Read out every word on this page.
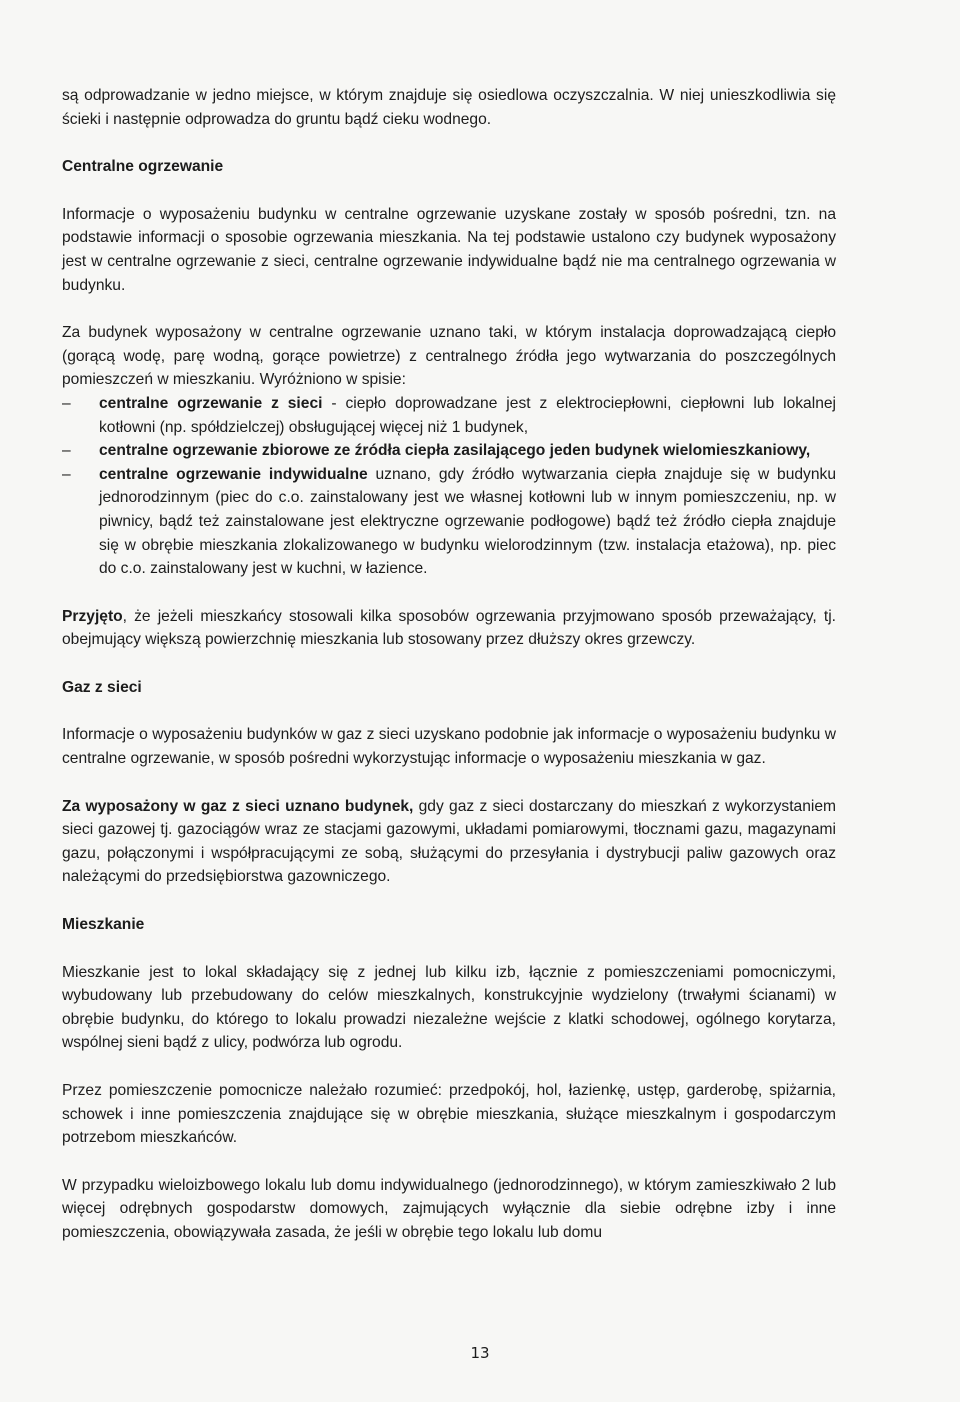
są odprowadzanie w jedno miejsce, w którym znajduje się osiedlowa oczyszczalnia. W niej unieszkodliwia się ścieki i następnie odprowadza do gruntu bądź cieku wodnego.

Centralne ogrzewanie

Informacje o wyposażeniu budynku w centralne ogrzewanie uzyskane zostały w sposób pośredni, tzn. na podstawie informacji o sposobie ogrzewania mieszkania. Na tej podstawie ustalono czy budynek wyposażony jest w centralne ogrzewanie z sieci, centralne ogrzewanie indywidualne bądź nie ma centralnego ogrzewania w budynku.

Za budynek wyposażony w centralne ogrzewanie uznano taki, w którym instalacja doprowadzającą ciepło (gorącą wodę, parę wodną, gorące powietrze) z centralnego źródła jego wytwarzania do poszczególnych pomieszczeń w mieszkaniu. Wyróżniono w spisie:

– centralne ogrzewanie z sieci - ciepło doprowadzane jest z elektrociepłowni, ciepłowni lub lokalnej kotłowni (np. spółdzielczej) obsługującej więcej niż 1 budynek,
– centralne ogrzewanie zbiorowe ze źródła ciepła zasilającego jeden budynek wielomieszkaniowy,
– centralne ogrzewanie indywidualne uznano, gdy źródło wytwarzania ciepła znajduje się w budynku jednorodzinnym (piec do c.o. zainstalowany jest we własnej kotłowni lub w innym pomieszczeniu, np. w piwnicy, bądź też zainstalowane jest elektryczne ogrzewanie podłogowe) bądź też źródło ciepła znajduje się w obrębie mieszkania zlokalizowanego w budynku wielorodzinnym (tzw. instalacja etażowa), np. piec do c.o. zainstalowany jest w kuchni, w łazience.

Przyjęto, że jeżeli mieszkańcy stosowali kilka sposobów ogrzewania przyjmowano sposób przeważający, tj. obejmujący większą powierzchnię mieszkania lub stosowany przez dłuższy okres grzewczy.

Gaz z sieci

Informacje o wyposażeniu budynków w gaz z sieci uzyskano podobnie jak informacje o wyposażeniu budynku w centralne ogrzewanie, w sposób pośredni wykorzystując informacje o wyposażeniu mieszkania w gaz.

Za wyposażony w gaz z sieci uznano budynek, gdy gaz z sieci dostarczany do mieszkań z wykorzystaniem sieci gazowej tj. gazociągów wraz ze stacjami gazowymi, układami pomiarowymi, tłocznami gazu, magazynami gazu, połączonymi i współpracującymi ze sobą, służącymi do przesyłania i dystrybucji paliw gazowych oraz należącymi do przedsiębiorstwa gazowniczego.

Mieszkanie

Mieszkanie jest to lokal składający się z jednej lub kilku izb, łącznie z pomieszczeniami pomocniczymi, wybudowany lub przebudowany do celów mieszkalnych, konstrukcyjnie wydzielony (trwałymi ścianami) w obrębie budynku, do którego to lokalu prowadzi niezależne wejście z klatki schodowej, ogólnego korytarza, wspólnej sieni bądź z ulicy, podwórza lub ogrodu.

Przez pomieszczenie pomocnicze należało rozumieć: przedpokój, hol, łazienkę, ustęp, garderobę, spiżarnia, schowek i inne pomieszczenia znajdujące się w obrębie mieszkania, służące mieszkalnym i gospodarczym potrzebom mieszkańców.

W przypadku wieloizbowego lokalu lub domu indywidualnego (jednorodzinnego), w którym zamieszkiwało 2 lub więcej odrębnych gospodarstw domowych, zajmujących wyłącznie dla siebie odrębne izby i inne pomieszczenia, obowiązywała zasada, że jeśli w obrębie tego lokalu lub domu

13
